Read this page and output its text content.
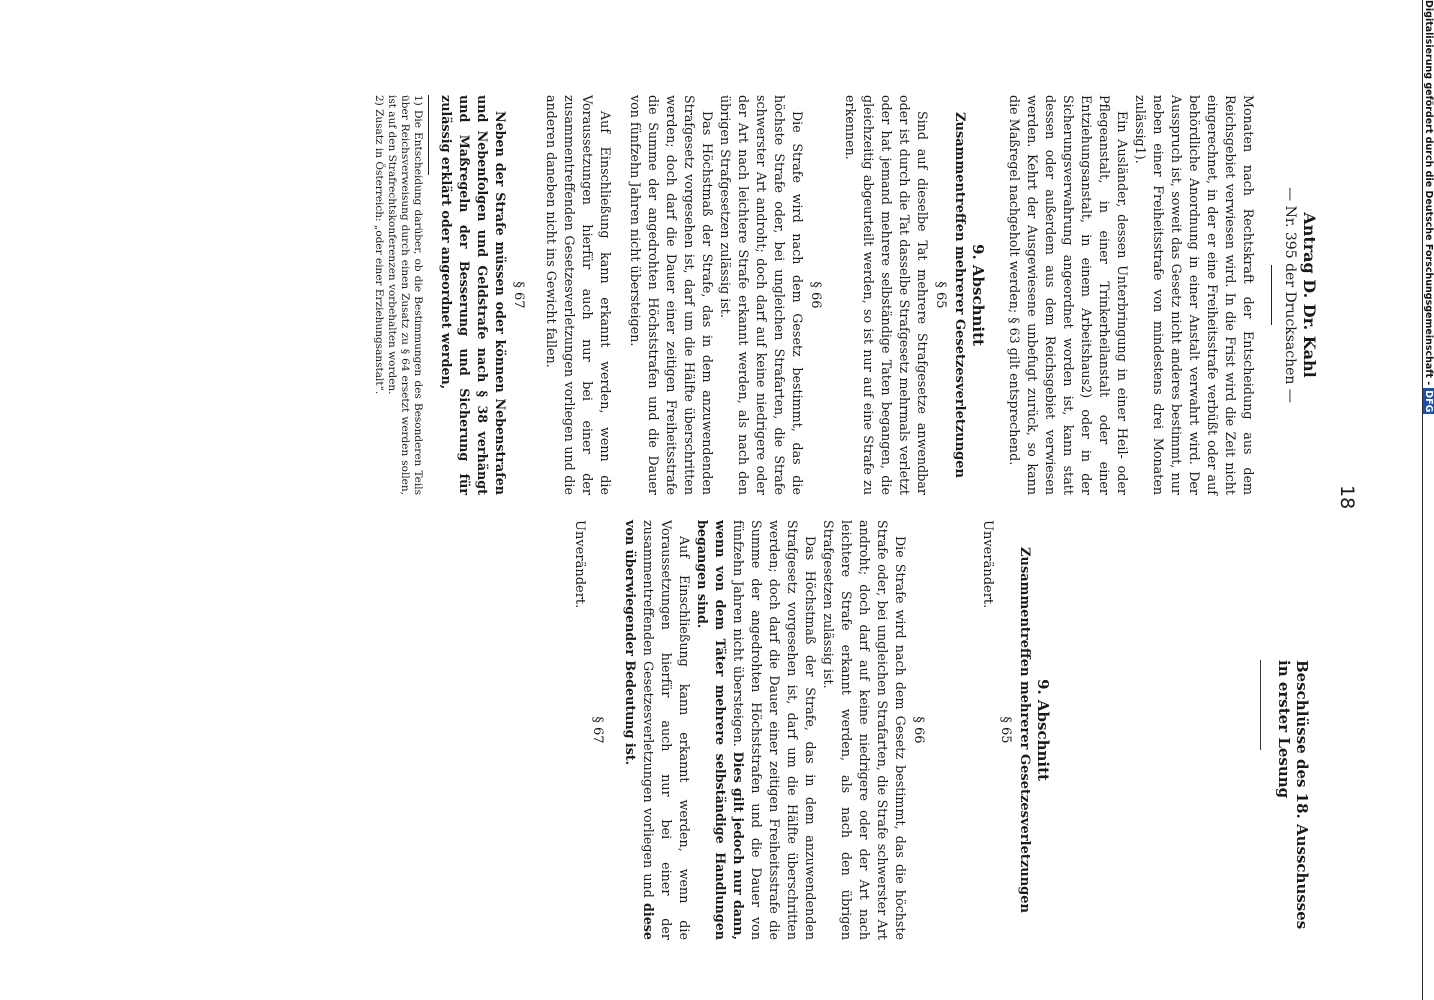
Digitalisierung gefördert durch die Deutsche Forschungsgemeinschaft -DFG
18
Antrag D. Dr. Kahl
— Nr. 395 der Drucksachen —

Monaten nach Rechtskraft der Entscheidung aus dem Reichsgebiet verwiesen wird. In die Frist wird die Zeit nicht eingerechnet, in der er eine Freiheitsstrafe verbüßt oder auf behördliche Anordnung in einer Anstalt verwahrt wird. Der Ausspruch ist, soweit das Gesetz nicht anderes bestimmt, nur neben einer Freiheitsstrafe von mindestens drei Monaten zulässig1).

Ein Ausländer, dessen Unterbringung in einer Heil- oder Pflegeanstalt, in einer Trinkerheilanstalt oder einer Entziehungsanstalt, in einem Arbeitshaus2) oder in der Sicherungsverwahrung angeordnet worden ist, kann statt dessen oder außerdem aus dem Reichsgebiet verwiesen werden. Kehrt der Ausgewiesene unbefugt zurück, so kann die Maßregel nachgeholt werden; § 63 gilt entsprechend.

9. Abschnitt
Zusammentreffen mehrerer Gesetzesverletzungen
§ 65

Sind auf dieselbe Tat mehrere Strafgesetze anwendbar oder ist durch die Tat dasselbe Strafgesetz mehrmals verletzt oder hat jemand mehrere selbständige Taten begangen, die gleichzeitig abgeurteilt werden, so ist nur auf eine Strafe zu erkennen.

§ 66

Die Strafe wird nach dem Gesetz bestimmt, das die höchste Strafe oder, bei ungleichen Strafarten, die Strafe schwerster Art androht; doch darf auf keine niedrigere oder der Art nach leichtere Strafe erkannt werden, als nach den übrigen Strafgesetzen zulässig ist.

Das Höchstmaß der Strafe, das in dem anzuwendenden Strafgesetz vorgesehen ist, darf um die Hälfte überschritten werden; doch darf die Dauer einer zeitigen Freiheitsstrafe die Summe der angedrohten Höchststrafen und die Dauer von fünfzehn Jahren nicht übersteigen.

Auf Einschließung kann erkannt werden, wenn die Voraussetzungen hierfür auch nur bei einer der zusammentreffenden Gesetzesverletzungen vorliegen und die anderen daneben nicht ins Gewicht fallen.

§ 67

Neben der Strafe müssen oder können Nebenstrafen und Nebenfolgen und Geldstrafe nach § 38 verhängt und Maßregeln der Besserung und Sicherung für zulässig erklärt oder angeordnet werden,

1) Die Entscheidung darüber, ob die Bestimmungen des Besonderen Teils über Reichsverweisung durch einen Zusatz zu § 64 ersetzt werden sollen, ist auf den Strafrechtskonferenzen vorbehalten worden.

2) Zusatz in Österreich: „oder einer Erziehungsanstalt“.

Beschlüsse des 18. Ausschusses in erster Lesung
9. Abschnitt
Zusammentreffen mehrerer Gesetzesverletzungen
§ 65

Unverändert.

§ 66

Die Strafe wird nach dem Gesetz bestimmt, das die höchste Strafe oder, bei ungleichen Strafarten, die Strafe schwerster Art androht; doch darf auf keine niedrigere oder der Art nach leichtere Strafe erkannt werden, als nach den übrigen Strafgesetzen zulässig ist.

Das Höchstmaß der Strafe, das in dem anzuwendenden Strafgesetz vorgesehen ist, darf um die Hälfte überschritten werden; doch darf die Dauer einer zeitigen Freiheitsstrafe die Summe der angedrohten Höchststrafen und die Dauer von fünfzehn Jahren nicht übersteigen. Dies gilt jedoch nur dann, wenn von dem Täter mehrere selbständige Handlungen begangen sind.

Auf Einschließung kann erkannt werden, wenn die Voraussetzungen hierfür auch nur bei einer der zusammentreffenden Gesetzesverletzungen vorliegen und diese von überwiegender Bedeutung ist.

§ 67

Unverändert.
